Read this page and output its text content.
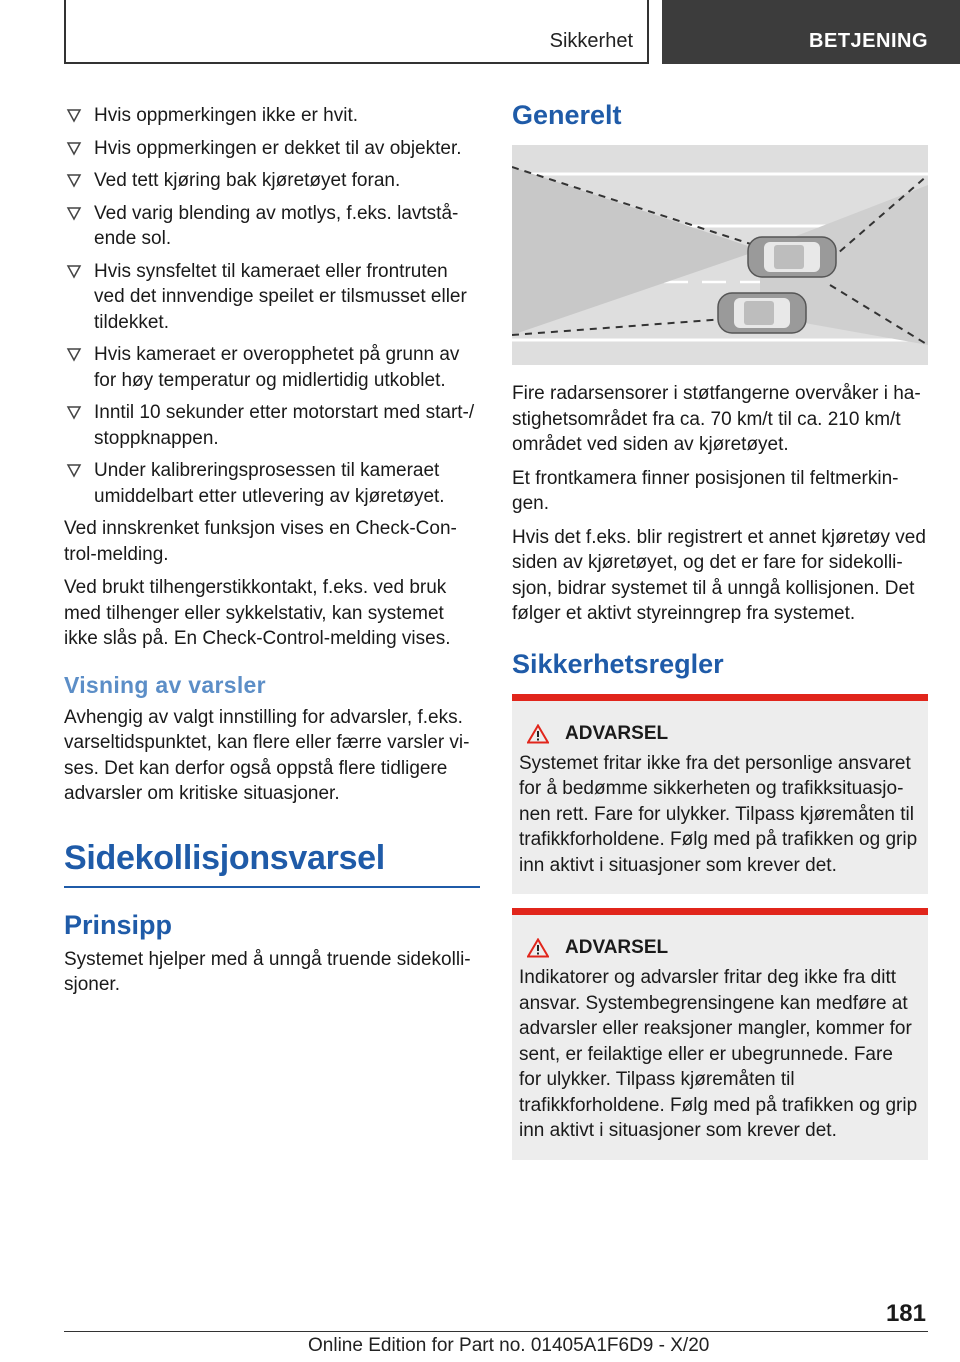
Sikkerhet	BETJENING
Hvis oppmerkingen ikke er hvit.
Hvis oppmerkingen er dekket til av objekter.
Ved tett kjøring bak kjøretøyet foran.
Ved varig blending av motlys, f.eks. lavtstående sol.
Hvis synsfeltet til kameraet eller frontruten ved det innvendige speilet er tilsmusset eller tildekket.
Hvis kameraet er overopphetet på grunn av for høy temperatur og midlertidig utkoblet.
Inntil 10 sekunder etter motorstart med start-/ stoppknappen.
Under kalibreringsprosessen til kameraet umiddelbart etter utlevering av kjøretøyet.

Ved innskrenket funksjon vises en Check-Control-melding.

Ved brukt tilhengerstikkontakt, f.eks. ved bruk med tilhenger eller sykkelstativ, kan systemet ikke slås på. En Check-Control-melding vises.

Visning av varsler

Avhengig av valgt innstilling for advarsler, f.eks. varseltidspunktet, kan flere eller færre varsler vises. Det kan derfor også oppstå flere tidligere advarsler om kritiske situasjoner.

Sidekollisjonsvarsel
Prinsipp

Systemet hjelper med å unngå truende sidekollisjoner.

Generelt

Fire radarsensorer i støtfangerne overvåker i hastighetsområdet fra ca. 70 km/t til ca. 210 km/t området ved siden av kjøretøyet.

Et frontkamera finner posisjonen til feltmerkingen.

Hvis det f.eks. blir registrert et annet kjøretøy ved siden av kjøretøyet, og det er fare for sidekollisjon, bidrar systemet til å unngå kollisjonen. Det følger et aktivt styreinngrep fra systemet.

Sikkerhetsregler
ADVARSEL

Systemet fritar ikke fra det personlige ansvaret for å bedømme sikkerheten og trafikksituasjonen rett. Fare for ulykker. Tilpass kjøremåten til trafikkforholdene. Følg med på trafikken og grip inn aktivt i situasjoner som krever det.

ADVARSEL

Indikatorer og advarsler fritar deg ikke fra ditt ansvar. Systembegrensingene kan medføre at advarsler eller reaksjoner mangler, kommer for sent, er feilaktige eller er ubegrunnede. Fare for ulykker. Tilpass kjøremåten til trafikkforholdene. Følg med på trafikken og grip inn aktivt i situasjoner som krever det.

181
Online Edition for Part no. 01405A1F6D9 - X/20
